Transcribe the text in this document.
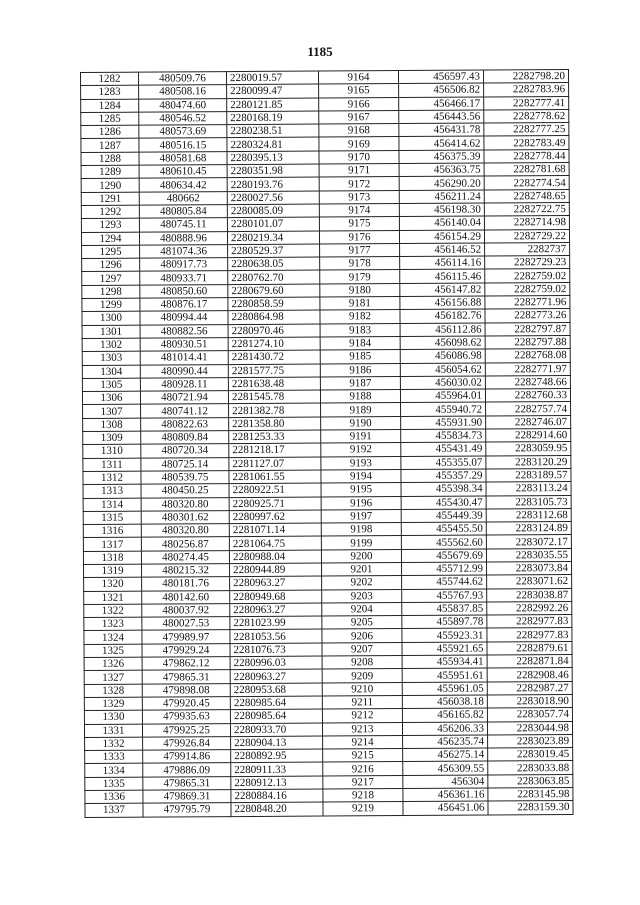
1185
1282	480509.76	2280019.57	9164	456597.43	2282798.20
1283	480508.16	2280099.47	9165	456506.82	2282783.96
1284	480474.60	2280121.85	9166	456466.17	2282777.41
1285	480546.52	2280168.19	9167	456443.56	2282778.62
1286	480573.69	2280238.51	9168	456431.78	2282777.25
1287	480516.15	2280324.81	9169	456414.62	2282783.49
1288	480581.68	2280395.13	9170	456375.39	2282778.44
1289	480610.45	2280351.98	9171	456363.75	2282781.68
1290	480634.42	2280193.76	9172	456290.20	2282774.54
1291	480662	2280027.56	9173	456211.24	2282748.65
1292	480805.84	2280085.09	9174	456198.30	2282722.75
1293	480745.11	2280101.07	9175	456140.04	2282714.98
1294	480888.96	2280219.34	9176	456154.29	2282729.22
1295	481074.36	2280529.37	9177	456146.52	2282737
1296	480917.73	2280638.05	9178	456114.16	2282729.23
1297	480933.71	2280762.70	9179	456115.46	2282759.02
1298	480850.60	2280679.60	9180	456147.82	2282759.02
1299	480876.17	2280858.59	9181	456156.88	2282771.96
1300	480994.44	2280864.98	9182	456182.76	2282773.26
1301	480882.56	2280970.46	9183	456112.86	2282797.87
1302	480930.51	2281274.10	9184	456098.62	2282797.88
1303	481014.41	2281430.72	9185	456086.98	2282768.08
1304	480990.44	2281577.75	9186	456054.62	2282771.97
1305	480928.11	2281638.48	9187	456030.02	2282748.66
1306	480721.94	2281545.78	9188	455964.01	2282760.33
1307	480741.12	2281382.78	9189	455940.72	2282757.74
1308	480822.63	2281358.80	9190	455931.90	2282746.07
1309	480809.84	2281253.33	9191	455834.73	2282914.60
1310	480720.34	2281218.17	9192	455431.49	2283059.95
1311	480725.14	2281127.07	9193	455355.07	2283120.29
1312	480539.75	2281061.55	9194	455357.29	2283189.57
1313	480450.25	2280922.51	9195	455398.34	2283113.24
1314	480320.80	2280925.71	9196	455430.47	2283105.73
1315	480301.62	2280997.62	9197	455449.39	2283112.68
1316	480320.80	2281071.14	9198	455455.50	2283124.89
1317	480256.87	2281064.75	9199	455562.60	2283072.17
1318	480274.45	2280988.04	9200	455679.69	2283035.55
1319	480215.32	2280944.89	9201	455712.99	2283073.84
1320	480181.76	2280963.27	9202	455744.62	2283071.62
1321	480142.60	2280949.68	9203	455767.93	2283038.87
1322	480037.92	2280963.27	9204	455837.85	2282992.26
1323	480027.53	2281023.99	9205	455897.78	2282977.83
1324	479989.97	2281053.56	9206	455923.31	2282977.83
1325	479929.24	2281076.73	9207	455921.65	2282879.61
1326	479862.12	2280996.03	9208	455934.41	2282871.84
1327	479865.31	2280963.27	9209	455951.61	2282908.46
1328	479898.08	2280953.68	9210	455961.05	2282987.27
1329	479920.45	2280985.64	9211	456038.18	2283018.90
1330	479935.63	2280985.64	9212	456165.82	2283057.74
1331	479925.25	2280933.70	9213	456206.33	2283044.98
1332	479926.84	2280904.13	9214	456235.74	2283023.89
1333	479914.86	2280892.95	9215	456275.14	2283019.45
1334	479886.09	2280911.33	9216	456309.55	2283033.88
1335	479865.31	2280912.13	9217	456304	2283063.85
1336	479869.31	2280884.16	9218	456361.16	2283145.98
1337	479795.79	2280848.20	9219	456451.06	2283159.30
